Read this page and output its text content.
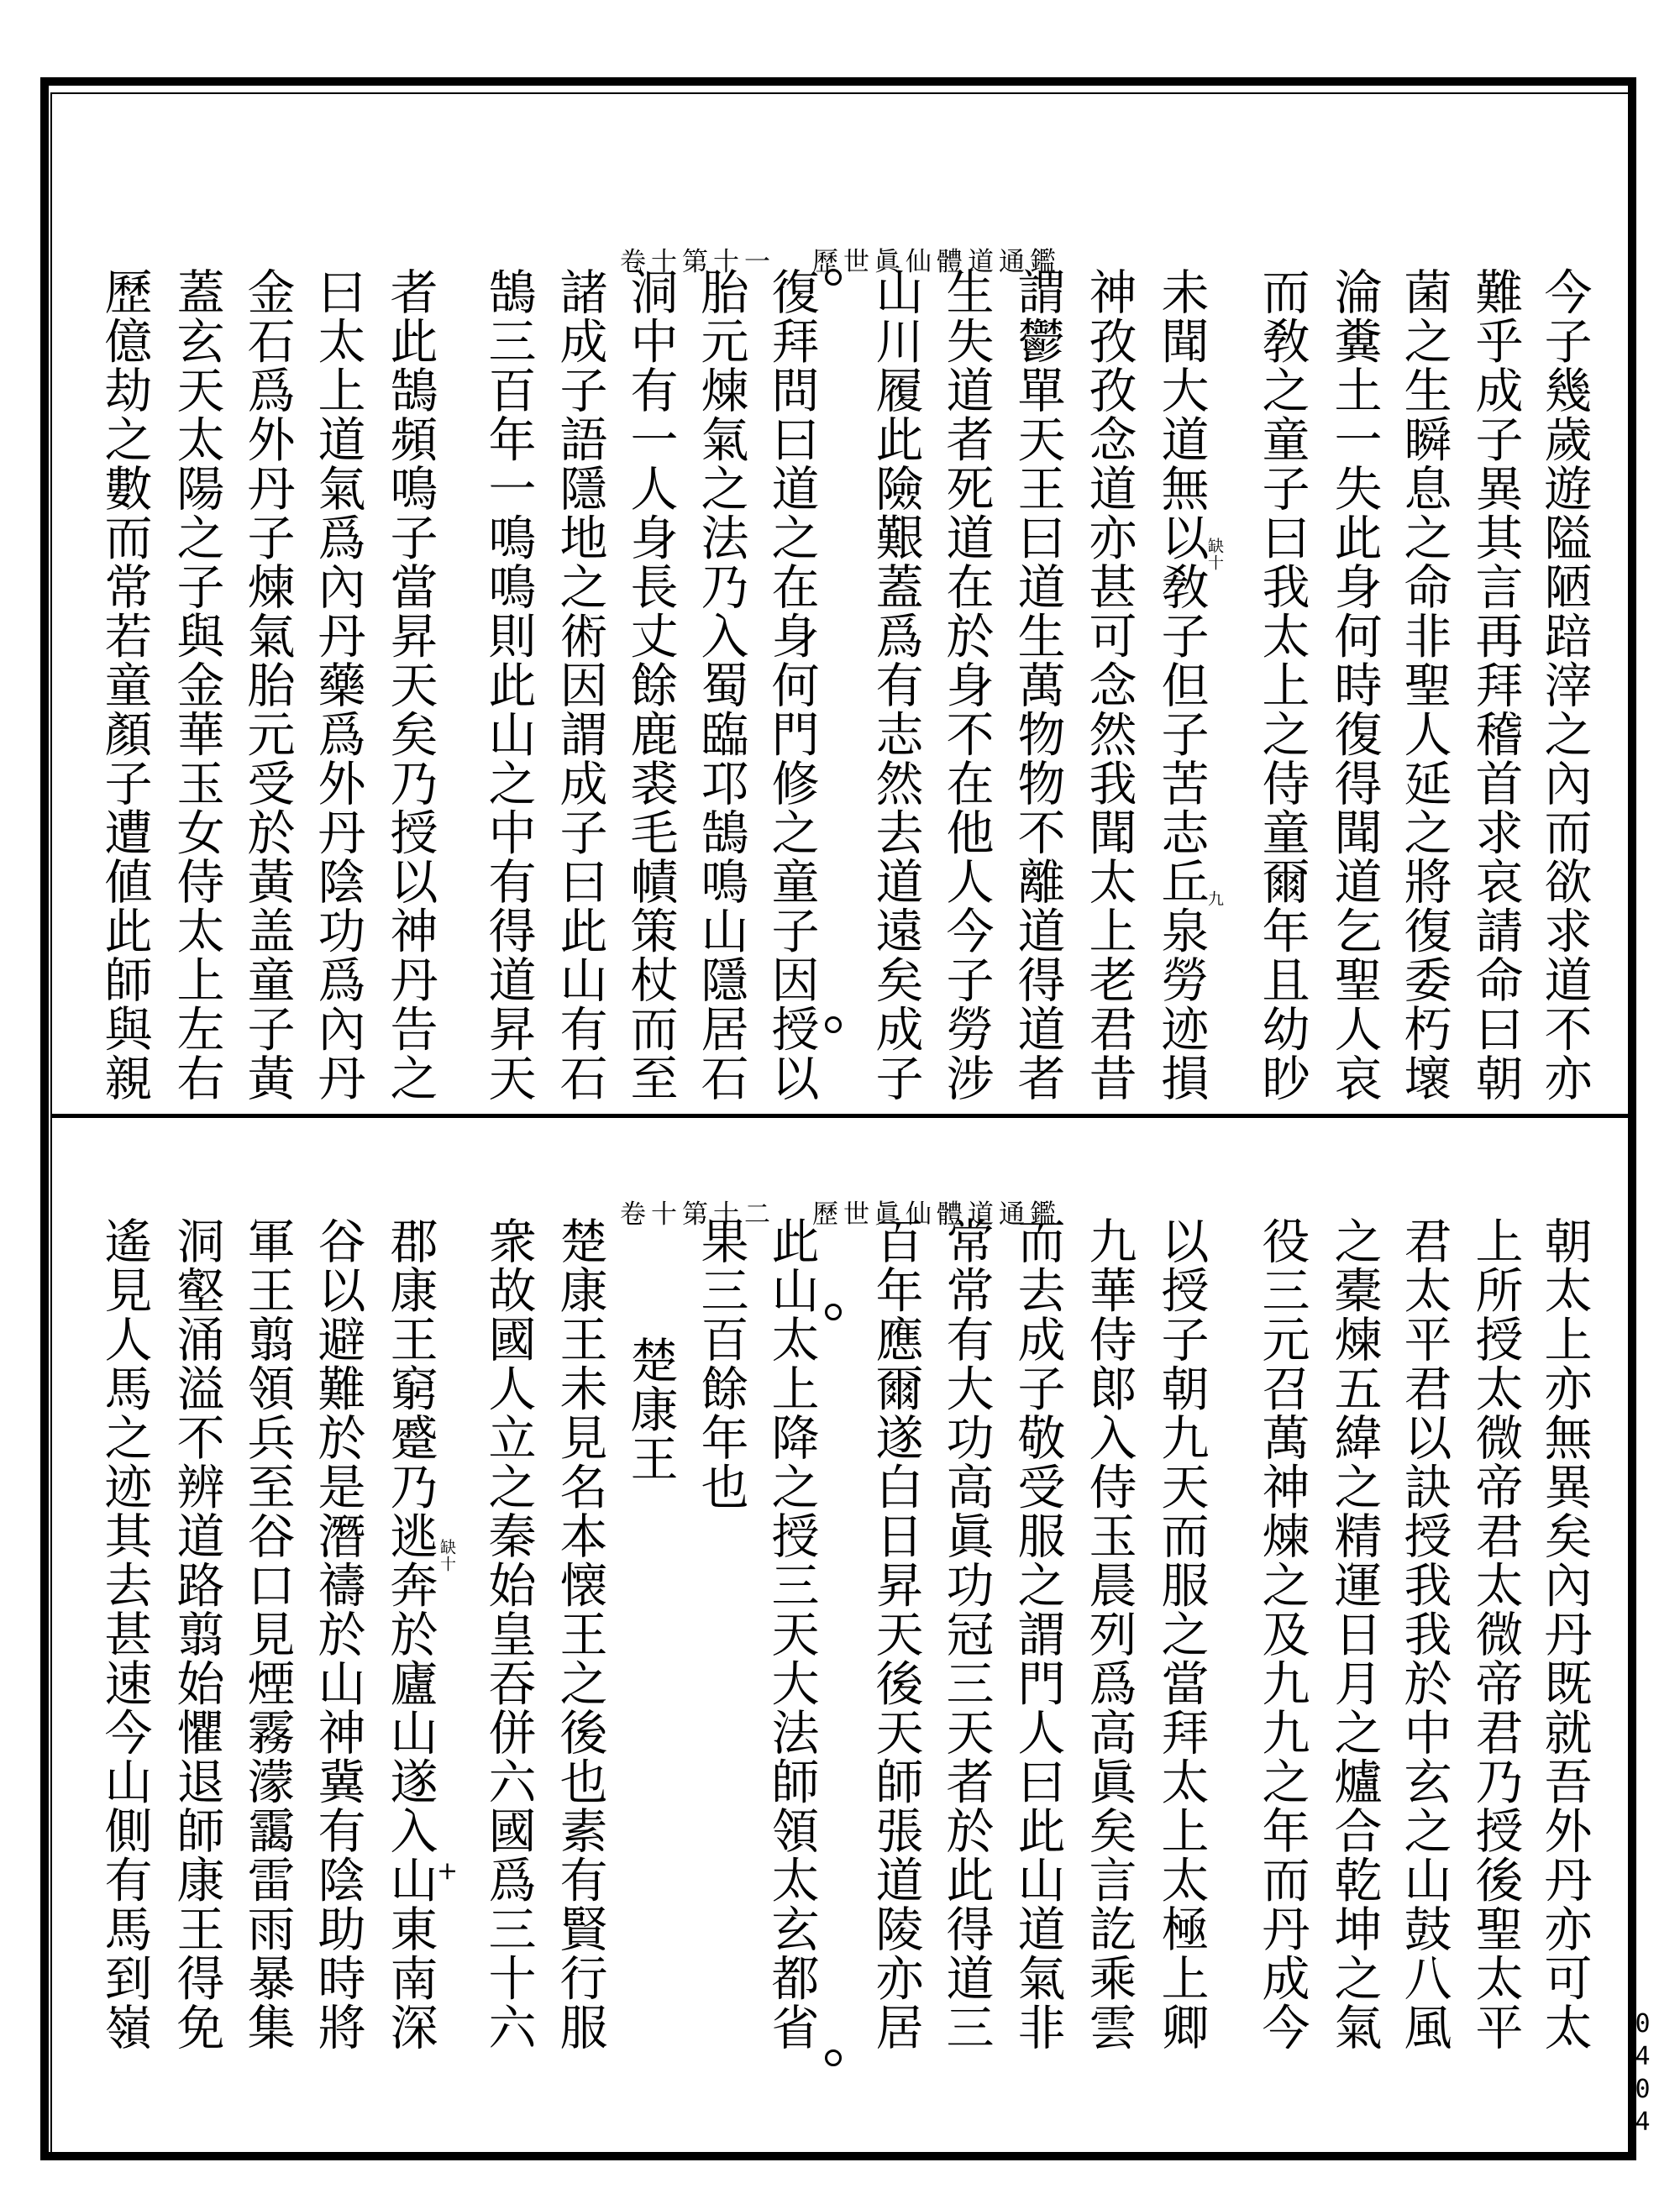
卷十第十一 歷世眞仙體道通鑑
卷十第十二 歷世眞仙體道通鑑
今子幾歲遊隘陋踣滓之內而欲求道不亦
難乎成子異其言再拜稽首求哀請命曰朝
菌之生瞬息之命非聖人延之將復委朽壞
淪糞土一失此身何時復得聞道乞聖人哀
而敎之童子曰我太上之侍童爾年且幼眇
未聞大道無以敎子但子苦志丘泉勞迹損
神孜孜念道亦甚可念然我聞太上老君昔
謂鬱單天王曰道生萬物物不離道得道者
生失道者死道在於身不在他人今子勞涉
山川履此險艱蓋爲有志然去道遠矣成子
復拜問曰道之在身何門修之童子因授以
胎元煉氣之法乃入蜀臨邛鵠鳴山隱居石
洞中有一人身長丈餘鹿裘毛幘策杖而至
諸成子語隱地之術因謂成子曰此山有石
鵠三百年一鳴鳴則此山之中有得道昇天
者此鵠頻鳴子當昇天矣乃授以神丹告之
曰太上道氣爲內丹藥爲外丹陰功爲內丹
金石爲外丹子煉氣胎元受於黃盖童子黃
蓋玄天太陽之子與金華玉女侍太上左右
歷億劫之數而常若童顏子遭値此師與親	缺十
九
朝太上亦無異矣內丹既就吾外丹亦可太
上所授太微帝君太微帝君乃授後聖太平
君太平君以訣授我我於中玄之山鼓八風
之橐煉五緯之精運日月之爐合乾坤之氣
役三元召萬神煉之及九九之年而丹成今
以授子朝九天而服之當拜太上太極上卿
九華侍郞入侍玉晨列爲高眞矣言訖乘雲
而去成子敬受服之謂門人曰此山道氣非
常常有大功高眞功冠三天者於此得道三
百年應爾遂白日昇天後天師張道陵亦居
此山太上降之授三天大法師領太玄都省
果三百餘年也
楚康王
楚康王未見名本懐王之後也素有賢行服
衆故國人立之秦始皇吞併六國爲三十六
郡康王窮蹙乃逃奔於廬山遂入山東南深
谷以避難於是潛禱於山神冀有陰助時將
軍王翦領兵至谷口見煙霧濛靄雷雨暴集
洞壑涌溢不辨道路翦始懼退師康王得免
遙見人馬之迹其去甚速今山側有馬到嶺	缺十
+
0404
